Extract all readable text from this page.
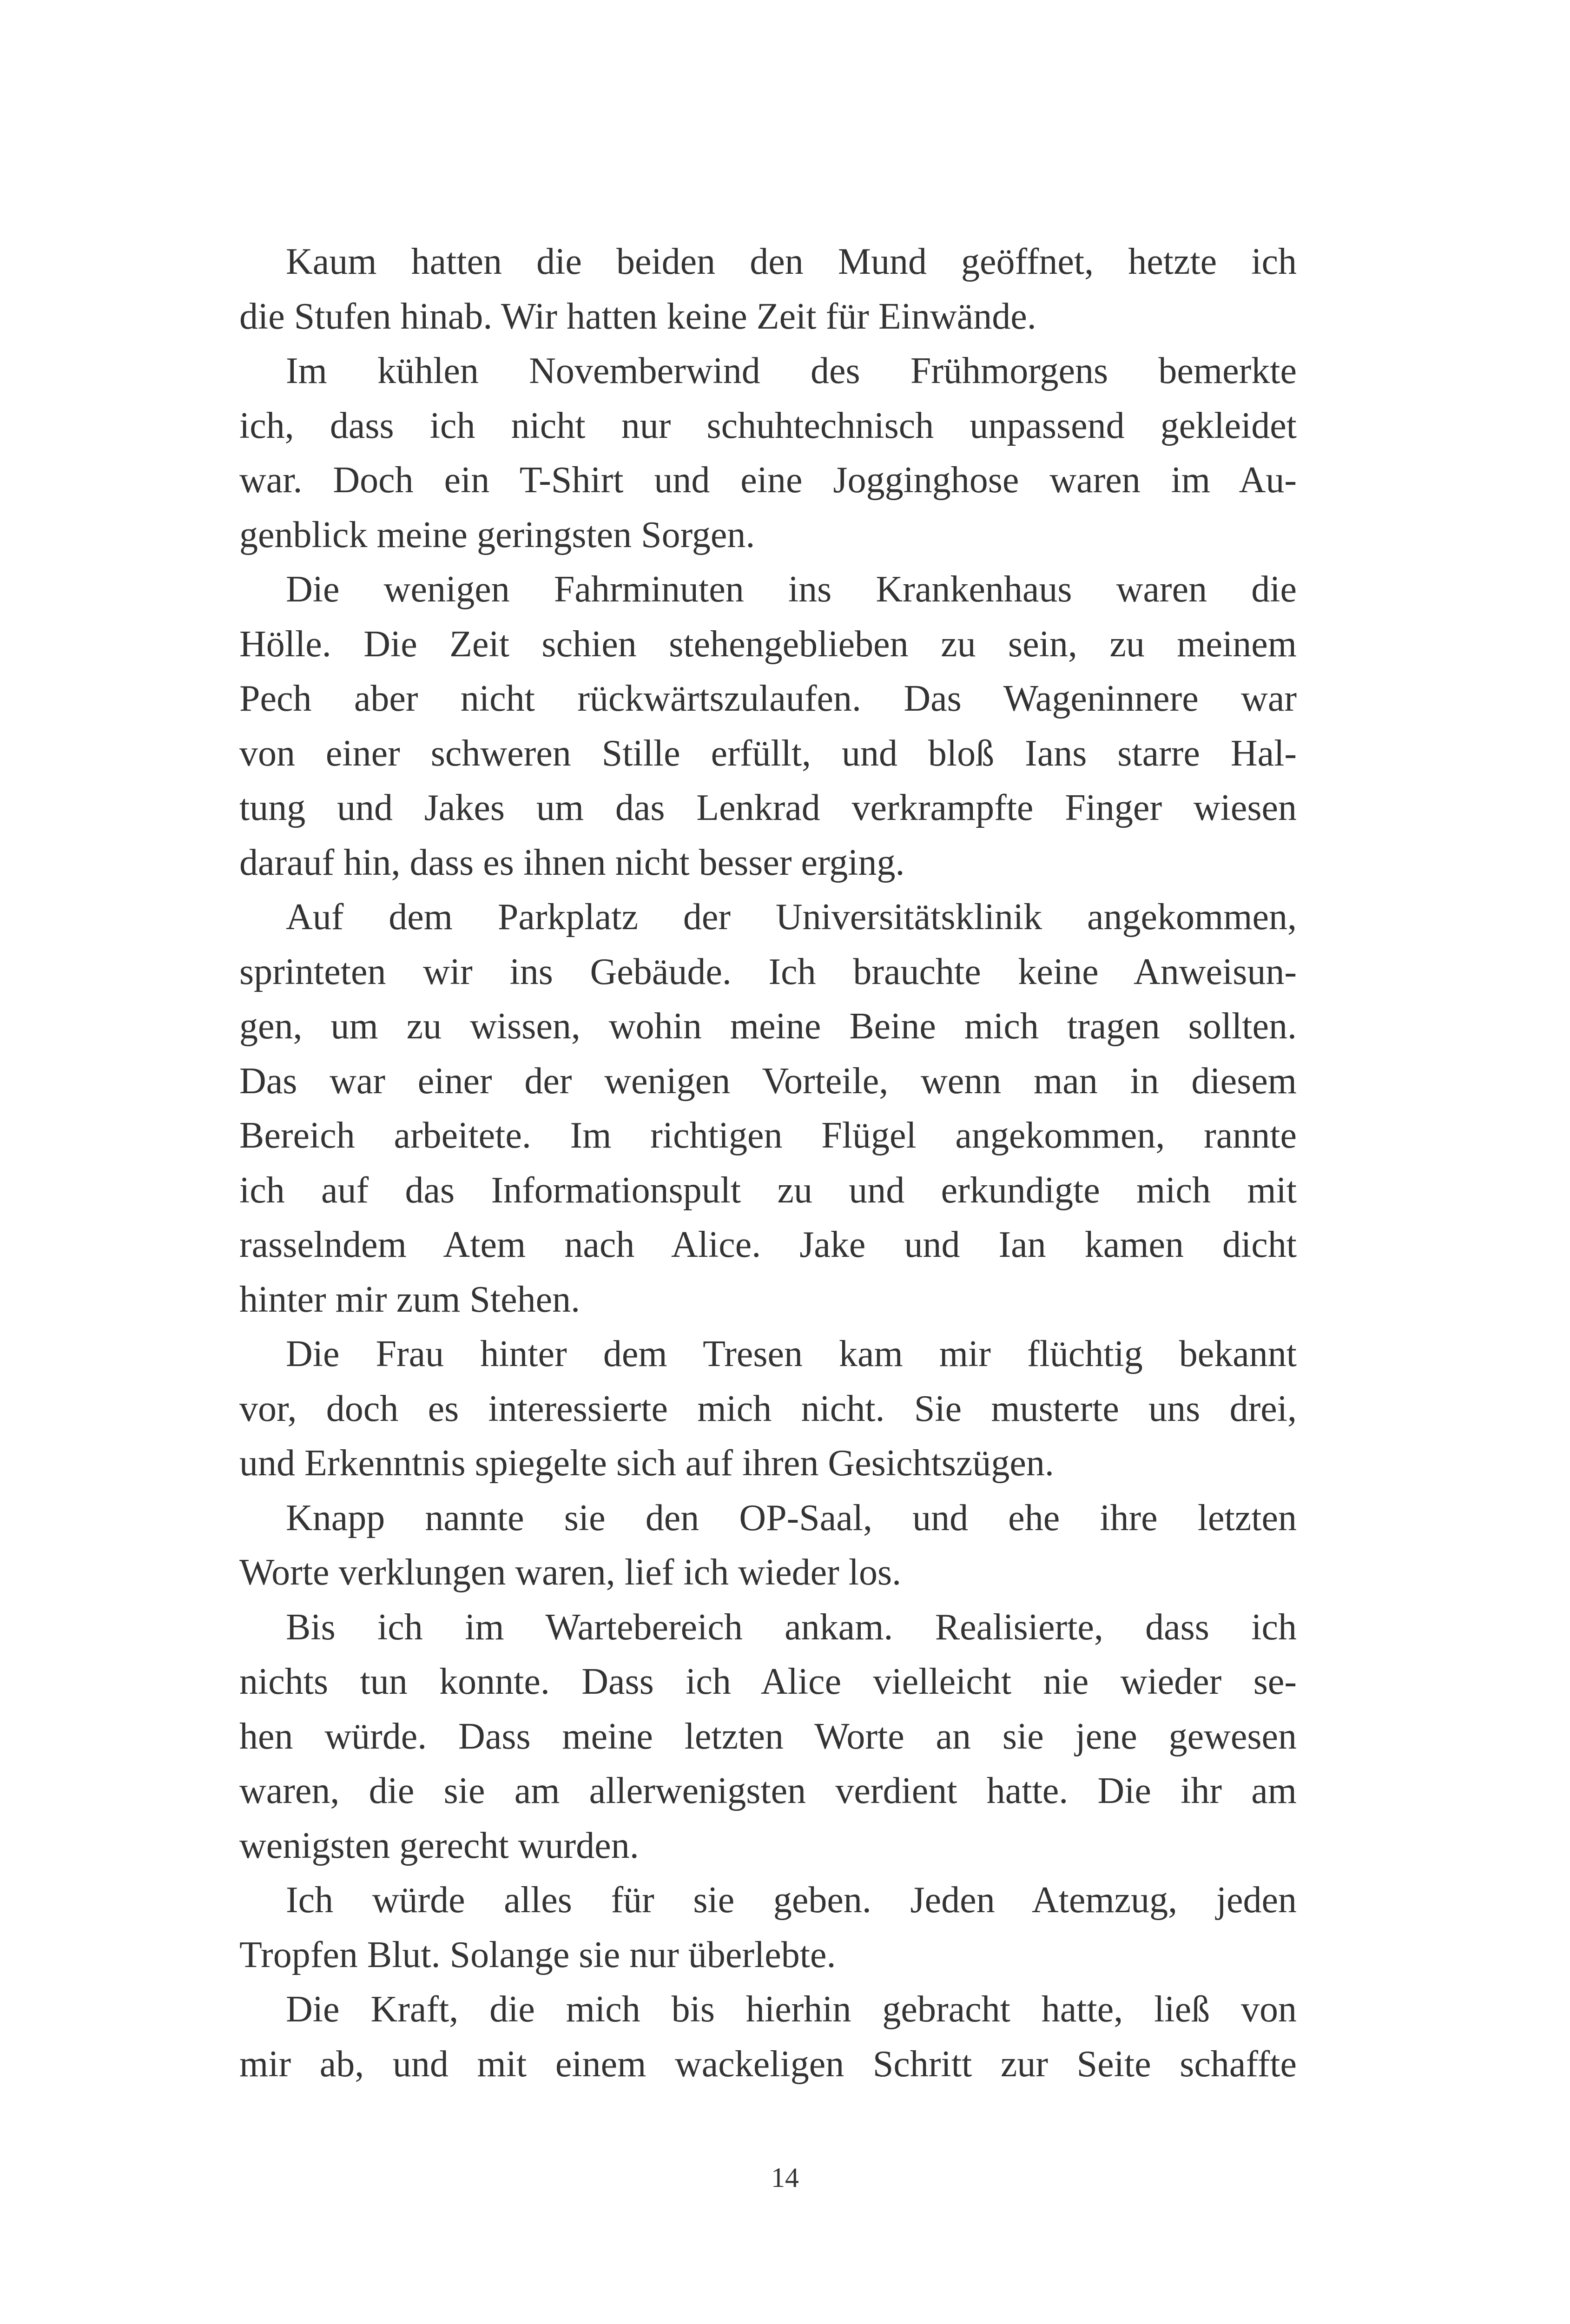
Kaum hatten die beiden den Mund geöffnet, hetzte ich
die Stufen hinab. Wir hatten keine Zeit für Einwände.
Im kühlen Novemberwind des Frühmorgens bemerkte
ich, dass ich nicht nur schuhtechnisch unpassend gekleidet
war. Doch ein T-Shirt und eine Jogginghose waren im Au-
genblick meine geringsten Sorgen.
Die wenigen Fahrminuten ins Krankenhaus waren die
Hölle. Die Zeit schien stehengeblieben zu sein, zu meinem
Pech aber nicht rückwärtszulaufen. Das Wageninnere war
von einer schweren Stille erfüllt, und bloß Ians starre Hal-
tung und Jakes um das Lenkrad verkrampfte Finger wiesen
darauf hin, dass es ihnen nicht besser erging.
Auf dem Parkplatz der Universitätsklinik angekommen,
sprinteten wir ins Gebäude. Ich brauchte keine Anweisun-
gen, um zu wissen, wohin meine Beine mich tragen sollten.
Das war einer der wenigen Vorteile, wenn man in diesem
Bereich arbeitete. Im richtigen Flügel angekommen, rannte
ich auf das Informationspult zu und erkundigte mich mit
rasselndem Atem nach Alice. Jake und Ian kamen dicht
hinter mir zum Stehen.
Die Frau hinter dem Tresen kam mir flüchtig bekannt
vor, doch es interessierte mich nicht. Sie musterte uns drei,
und Erkenntnis spiegelte sich auf ihren Gesichtszügen.
Knapp nannte sie den OP-Saal, und ehe ihre letzten
Worte verklungen waren, lief ich wieder los.
Bis ich im Wartebereich ankam. Realisierte, dass ich
nichts tun konnte. Dass ich Alice vielleicht nie wieder se-
hen würde. Dass meine letzten Worte an sie jene gewesen
waren, die sie am allerwenigsten verdient hatte. Die ihr am
wenigsten gerecht wurden.
Ich würde alles für sie geben. Jeden Atemzug, jeden
Tropfen Blut. Solange sie nur überlebte.
Die Kraft, die mich bis hierhin gebracht hatte, ließ von
mir ab, und mit einem wackeligen Schritt zur Seite schaffte
14
